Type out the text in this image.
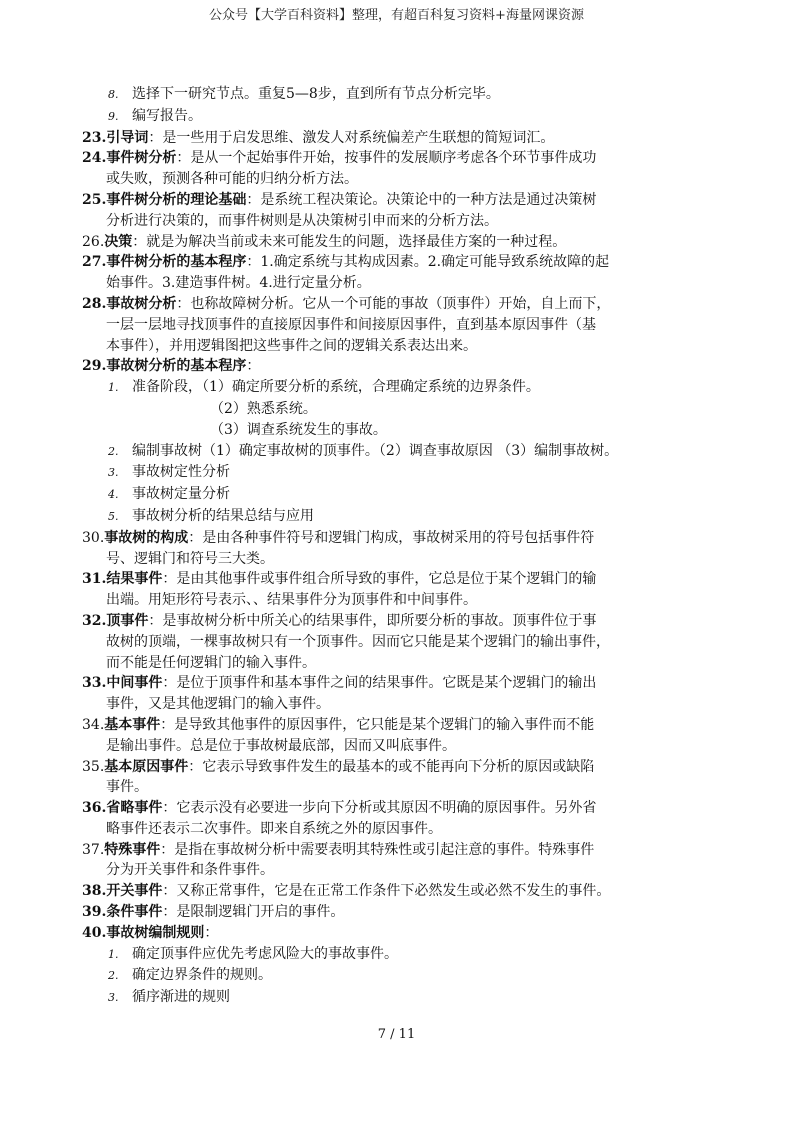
公众号【大学百科资料】整理，有超百科复习资料+海量网课资源
8. 选择下一研究节点。重复5—8步，直到所有节点分析完毕。
9. 编写报告。
23.引导词：是一些用于启发思维、激发人对系统偏差产生联想的简短词汇。
24.事件树分析：是从一个起始事件开始，按事件的发展顺序考虑各个环节事件成功
或失败，预测各种可能的归纳分析方法。
25.事件树分析的理论基础：是系统工程决策论。决策论中的一种方法是通过决策树
分析进行决策的，而事件树则是从决策树引申而来的分析方法。
26.决策：就是为解决当前或未来可能发生的问题，选择最佳方案的一种过程。
27.事件树分析的基本程序：1.确定系统与其构成因素。2.确定可能导致系统故障的起
始事件。3.建造事件树。4.进行定量分析。
28.事故树分析：也称故障树分析。它从一个可能的事故（顶事件）开始，自上而下，
一层一层地寻找顶事件的直接原因事件和间接原因事件，直到基本原因事件（基
本事件），并用逻辑图把这些事件之间的逻辑关系表达出来。
29.事故树分析的基本程序：
1. 准备阶段，（1）确定所要分析的系统，合理确定系统的边界条件。
（2）熟悉系统。
（3）调查系统发生的事故。
2. 编制事故树（1）确定事故树的顶事件。（2）调查事故原因 （3）编制事故树。
3. 事故树定性分析
4. 事故树定量分析
5. 事故树分析的结果总结与应用
30.事故树的构成：是由各种事件符号和逻辑门构成，事故树采用的符号包括事件符
号、逻辑门和符号三大类。
31.结果事件：是由其他事件或事件组合所导致的事件，它总是位于某个逻辑门的输
出端。用矩形符号表示、、结果事件分为顶事件和中间事件。
32.顶事件：是事故树分析中所关心的结果事件，即所要分析的事故。顶事件位于事
故树的顶端，一棵事故树只有一个顶事件。因而它只能是某个逻辑门的输出事件，
而不能是任何逻辑门的输入事件。
33.中间事件：是位于顶事件和基本事件之间的结果事件。它既是某个逻辑门的输出
事件，又是其他逻辑门的输入事件。
34.基本事件：是导致其他事件的原因事件，它只能是某个逻辑门的输入事件而不能
是输出事件。总是位于事故树最底部，因而又叫底事件。
35.基本原因事件：它表示导致事件发生的最基本的或不能再向下分析的原因或缺陷
事件。
36.省略事件：它表示没有必要进一步向下分析或其原因不明确的原因事件。另外省
略事件还表示二次事件。即来自系统之外的原因事件。
37.特殊事件：是指在事故树分析中需要表明其特殊性或引起注意的事件。特殊事件
分为开关事件和条件事件。
38.开关事件：又称正常事件，它是在正常工作条件下必然发生或必然不发生的事件。
39.条件事件：是限制逻辑门开启的事件。
40.事故树编制规则：
1. 确定顶事件应优先考虑风险大的事故事件。
2. 确定边界条件的规则。
3. 循序渐进的规则
7 / 11
